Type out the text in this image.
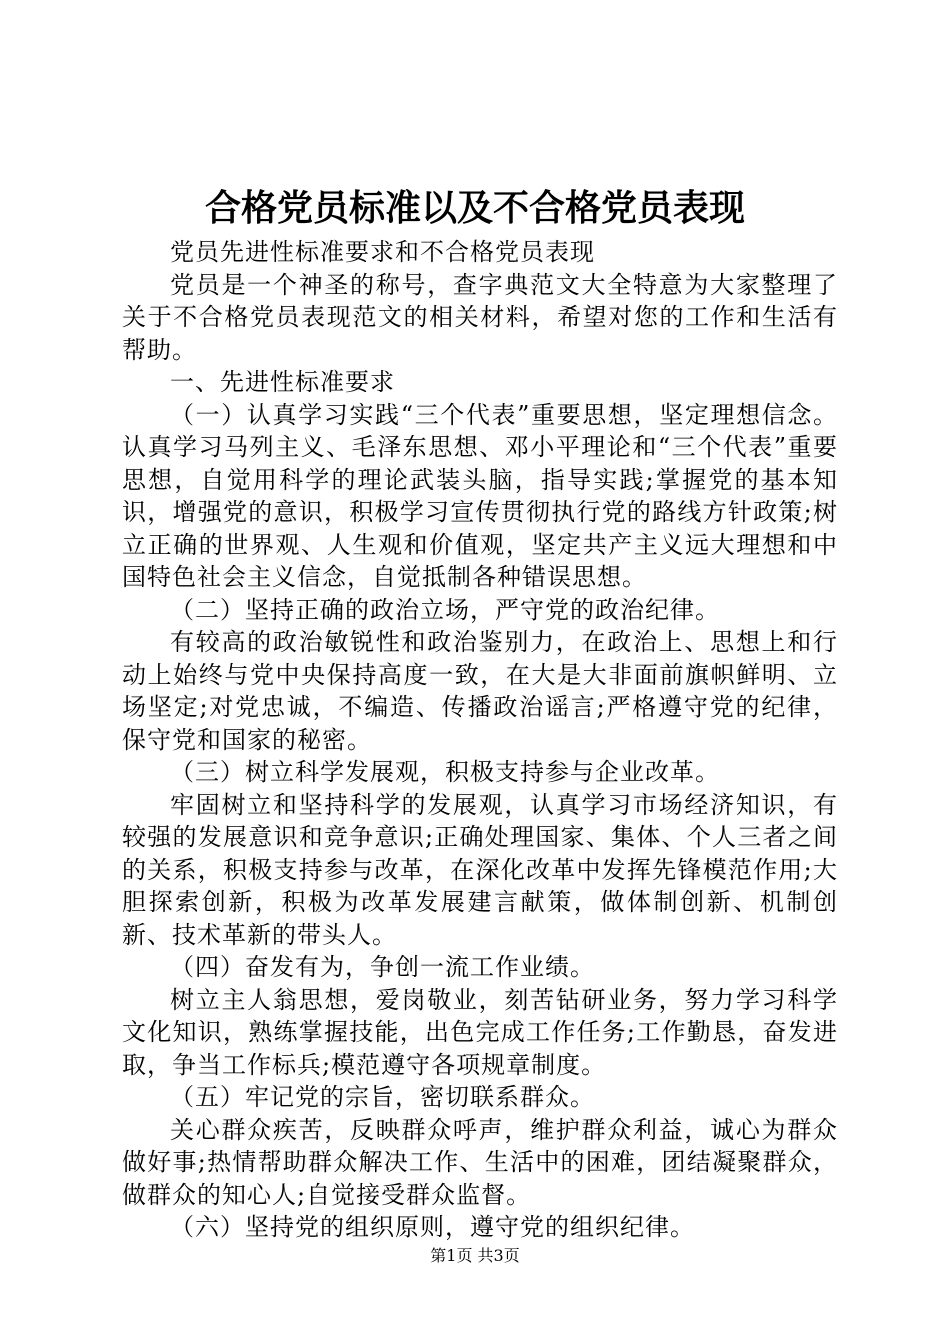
合格党员标准以及不合格党员表现

党员先进性标准要求和不合格党员表现

党员是一个神圣的称号，查字典范文大全特意为大家整理了关于不合格党员表现范文的相关材料，希望对您的工作和生活有帮助。

一、先进性标准要求

（一）认真学习实践“三个代表”重要思想，坚定理想信念。认真学习马列主义、毛泽东思想、邓小平理论和“三个代表”重要思想，自觉用科学的理论武装头脑，指导实践;掌握党的基本知识，增强党的意识，积极学习宣传贯彻执行党的路线方针政策;树立正确的世界观、人生观和价值观，坚定共产主义远大理想和中国特色社会主义信念，自觉抵制各种错误思想。

（二）坚持正确的政治立场，严守党的政治纪律。

有较高的政治敏锐性和政治鉴别力，在政治上、思想上和行动上始终与党中央保持高度一致，在大是大非面前旗帜鲜明、立场坚定;对党忠诚，不编造、传播政治谣言;严格遵守党的纪律，保守党和国家的秘密。

（三）树立科学发展观，积极支持参与企业改革。

牢固树立和坚持科学的发展观，认真学习市场经济知识，有较强的发展意识和竞争意识;正确处理国家、集体、个人三者之间的关系，积极支持参与改革，在深化改革中发挥先锋模范作用;大胆探索创新，积极为改革发展建言献策，做体制创新、机制创新、技术革新的带头人。

（四）奋发有为，争创一流工作业绩。

树立主人翁思想，爱岗敬业，刻苦钻研业务，努力学习科学文化知识，熟练掌握技能，出色完成工作任务;工作勤恳，奋发进取，争当工作标兵;模范遵守各项规章制度。

（五）牢记党的宗旨，密切联系群众。

关心群众疾苦，反映群众呼声，维护群众利益，诚心为群众做好事;热情帮助群众解决工作、生活中的困难，团结凝聚群众，做群众的知心人;自觉接受群众监督。

（六）坚持党的组织原则，遵守党的组织纪律。

第1页 共3页
